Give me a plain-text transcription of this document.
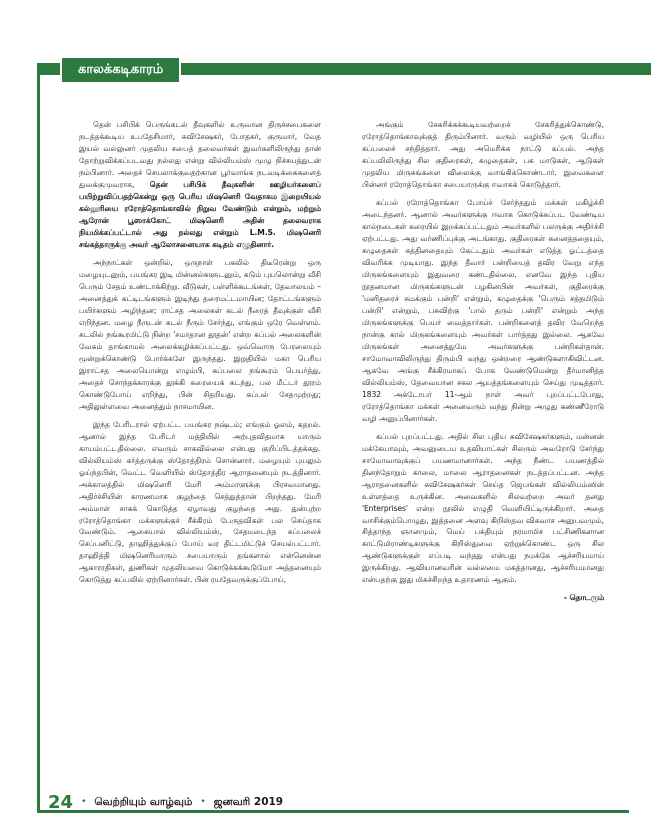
காலக்கடிகாரம்

தென் பசிபிக் பெருங்கடல் தீவுகளில் உருவான திருச்சபைகளை நடத்தக்கூடிய உபதேசிமார், சுவிசேஷகர், போதகர், குருமார், வேத இயல் வல்லுனர் முதலிய சபைத் தலைவர்கள் இவர்களிலிருந்து தான் தோற்றுவிக்கப்படவது நல்லது என்று வில்லியம்ஸ் முழு நிச்சயத்துடன் நம்பினார். அதைச் செயலாக்குவதற்கான பூர்வாங்க நடவடிக்கைகளைத் துவக்குமுவராக, தென் பசிபிக் தீவுகளின் ஊழியர்களைப் பயிற்றுவிப்பதற்கென்று ஒரு பெரிய மிஷனெரி வேதாகம இறையியல் கல்லூரியை ரரோத்தொங்காவில் நிறுவ வேண்டும் என்றும், மற்றும் ஆரோன் பூஸாக்கோட் மிஷனெரி அதின் தலைவராக நியமிக்கப்பட்டால் அது நல்லது என்றும் L.M.S. மிஷனெரி சங்கத்தாருக்கு அவர் ஆலோசனையாக கடிதம் எழுதினார்.

அந்நாட்கள் ஒன்றில், ஒருநாள் பகலில் திடீரென்று ஒரு மழையுடனும், பயங்கர இடி மின்னல்களுடனும், கடும் புயலொன்று வீசி பெரும் சேதம் உண்டாக்கிற்று. வீடுகள், பள்ளிக்கூடங்கள், தேவாலயம் – அனைத்துக் கட்டிடங்களும் இடிந்து தரைமட்டமாயின; தோட்டங்களும் பயிர்களும் அழிந்தன; ராட்சத அலைகள் கடல் நீரைத் தீவுக்குள் வீசி எறிந்தன. மழை நீருடன் கடல் நீரும் சேர்ந்து, எங்கும் ஒரே வெள்ளம். கடலில் நங்கூரமிட்டு நின்ற 'சமாதான தூதன்' என்ற கப்பல் அலைகளின் வேகம் தாங்காமல் அலைக்கழிக்கப்பட்டது. ஒவ்வொரு பேரலையும் மூன்றுக்கொண்டு போர்க்களே இருந்தது. இறுதியில் மகா பெரிய இராட்சத அலையொன்று எழும்பி, கப்பலை நங்கூரம் பெயர்த்து, அதைச் சொந்தக்காரக்கு தூக்கி கரையைக் கடந்து, பல மீட்டர் தூரம் கொண்டுபோய் எறிந்து, பின் சிதறியது. கப்பல் சேதமுற்றது; அதிலுள்ளவை அனைத்தும் நாசமாயின.

இந்த பேரிடரால் ஏற்பட்ட பயங்கர நஷ்டம்; எங்கும் ஓலம், கதறல். ஆனால் இந்த பேரிடர் மத்தியில் அற்புதவிதமாக யாரும் காயம்பட்டதில்லை. எவரும் சாகவில்லை என்பது குறிப்பிடத்தக்கது. வில்லியம்ஸ் கர்த்தருக்கு ஸ்தோத்திரம் சொன்னார். மழையும் புயலும் ஓய்ந்தபின், வெட்ட வெளியில் ஸ்தோத்திர ஆராதனையும் நடத்தினார். அக்காலத்தில் மிஷனெரி மேரி அம்மாளுக்கு பிரசவமானது. அதிர்ச்சியின் காரணமாக குழந்தை செத்துத்தான் பிறந்தது. மேரி அம்மாள் சாகக் கொடுத்த ஏழாவது குழந்தை அது. துன்புற்ற ரரோத்தொங்கா மக்களுக்குச் சீக்கிரம் பேருதவிகள் பல செய்தாக வேண்டும். ஆகையால் வில்லியம்ஸ், சேதமடைந்த கப்பலைச் செப்பனிட்டு, தாஹித்துக்குப் போய் வர திட்டமிட்டுச் செயல்பட்டார். தாஹித்தி மிஷனெரிமாரும் சபையாரும் தங்களால் என்னென்ன ஆகாரரதிகள், துணிகள் முதலியவை கொடுக்கக்கூடுமோ அத்தனையும் கொடுத்து கப்பலில் ஏற்றினார்கள். பின் ரயதேவருக்குப்போய்,

அங்கும் சேகரிக்கக்கூடியவற்றைச் சேகரித்துக்கொண்டு, ரரோத்தொங்காவுக்குத் திரும்பினார். வரும் வழியில் ஒரு பெரிய கப்பலைச் சந்தித்தார். அது அமெரிக்க நாட்டு கப்பல். அந்த கப்பலிலிருந்து சில குதிரைகள், கழுதைகள், பசு மாடுகள், ஆடுகள் முதலிய மிருகங்களை விலைக்கு வாங்கிக்கொண்டார். இவைகளை பின்னர் ரரோத்தொங்கா சபையாருக்கு ஈவாகக் கொடுத்தார்.

கப்பல் ரரோத்தொங்கா போய்ச் சேர்ந்ததும் மக்கள் மகிழ்ச்சி அடைந்தனர். ஆனால் அவர்களுக்கு ஈவாக கொடுக்கப்பட வேண்டிய கால்நடைகள் கரையில் இறக்கப்பட்டதும் அவர்களில் பலருக்கு அதிர்ச்சி ஏற்பட்டது. அது வர்ணிப்புக்கு அடங்காது. குதிரைகள் கனைத்ததையும், கழுதைகள் கத்தினதையும் கேட்டதும் அவர்கள் எடுத்த ஓட்டத்தை விவரிக்க முடியாது. இந்த தீவார் பன்றியைத் தவிர வேறு எந்த மிருகங்களையும் இதுவரை கண்டதில்லை. எனவே இந்த புதிய நூதனமான மிருகங்களுடன் பழகினபின் அவர்கள், குதிரைக்கு 'மனிதரைச் சுமக்கும் பன்றி' என்றும், கழுதைக்கு 'பெரும் சத்தமிடும் பன்றி' என்றும், பசுவிற்கு 'பால் தரும் பன்றி' என்றும் அந்த மிருகங்களுக்கு பெயர் வைத்தார்கள். பன்றிகளைத் தவிர வேறெந்த நான்கு கால் மிருகங்களையும் அவர்கள் பார்த்தது இல்லை. ஆகவே மிருகங்கள் அனைத்துமே அவர்களுக்கு பன்றிகள்தான். சாமோவாவிலிருந்து திரும்பி வந்து ஒன்றரை ஆண்டுகளாகிவிட்டன. ஆகவே அங்கு சீக்கிரமாகப் போக வேண்டுமென்று தீர்மானித்த வில்லியம்ஸ், தேவையான சகல ஆயத்தங்களையும் செய்து முடித்தார். 1832 அக்டோபர் 11-ஆம் நாள் அவர் புறப்பட்டபோது, ரரோத்தொங்கா மக்கள் அனைவரும் வந்து நின்று அழுது கண்ணீரோடு வழி அனுப்பினார்கள்.

கப்பல் புறப்பட்டது. அதில் சில புதிய சுவிசேஷகர்களும், மன்னன் மக்கேயாவும், அவனுடைய உதவியாட்கள் சிலரும் அவரோடு சேர்ந்து சாமோவாவுக்குப் பயணமானார்கள். அந்த நீண்ட பயணத்தில் தினந்தோறும் காலை, மாலை ஆராதனைகள் நடத்தப்பட்டன. அந்த ஆராதனைகளில் சுவிசேஷகர்கள் செய்த ஜெபங்கள் வில்லியம்ஸின் உள்ளத்தை உருக்கின. அவைகளில் சிலவற்றை அவர் தனது 'Enterprises' என்ற நூலில் எழுதி வெளியிட்டிருக்கிறார். அதை வாசிக்கும்பொழுது, இத்தனை அளவு கிறிஸ்தவ விசுவாச அனுபவமும், சித்தாந்த ஞானமும், மெய் பக்தியும் நரமாமிச பட்சிணிகளான காட்டுமிராண்டிகளுக்கு கிறிஸ்துவை ஏற்றுக்கொண்ட ஒரு சில ஆண்டுகளுக்குள் எப்படி வந்தது என்பது நமக்கே ஆச்சரியமாய் இருக்கிறது. ஆவியானவரின் வல்லமை மகத்தானது, ஆச்சரியமானது என்பதற்கு இது மிகச்சிறந்த உதாரணம் ஆகும்.

- தொடரும்
24 • வெற்றியும் வாழ்வும் • ஜனவரி 2019
